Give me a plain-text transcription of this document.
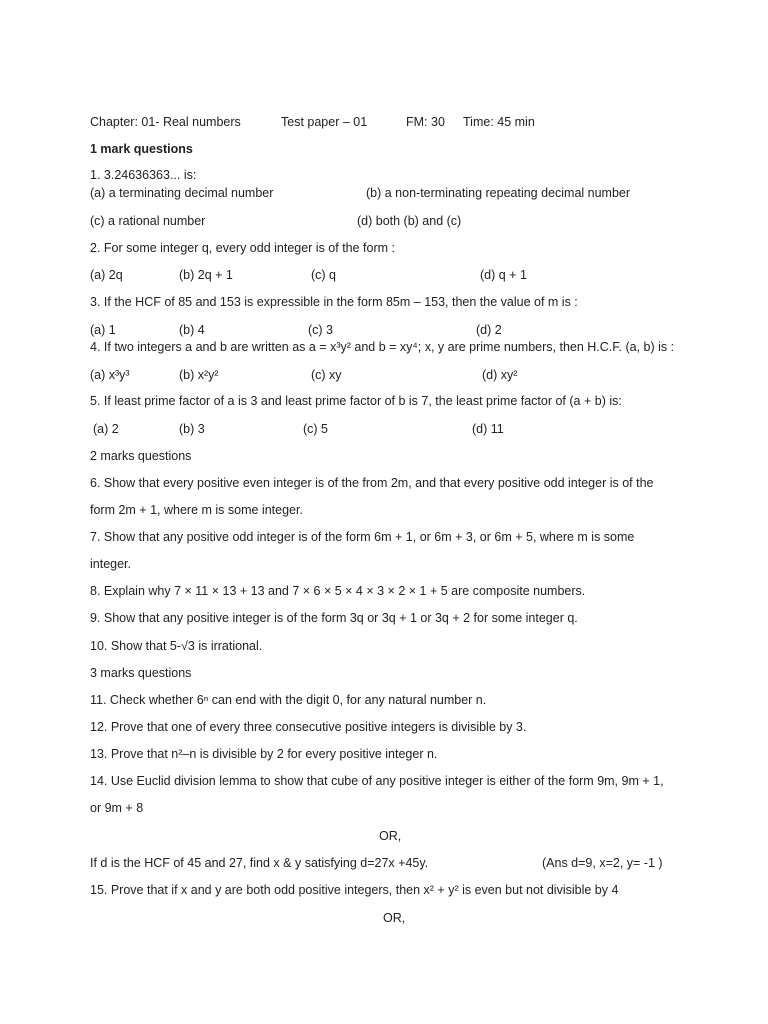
Chapter: 01- Real numbers	Test paper – 01	FM: 30 Time: 45 min
1 mark questions
1. 3.24636363... is:
(a) a terminating decimal number	(b) a non-terminating repeating decimal number
(c) a rational number	(d) both (b) and (c)
2. For some integer q, every odd integer is of the form :
(a) 2q	(b) 2q + 1	(c) q	(d) q + 1
3. If the HCF of 85 and 153 is expressible in the form 85m – 153, then the value of m is :
(a) 1	(b) 4	(c) 3	(d) 2
4. If two integers a and b are written as a = x³y² and b = xy⁴; x, y are prime numbers, then H.C.F. (a, b) is :
(a) x³y³	(b) x²y²	(c) xy	(d) xy²
5. If least prime factor of a is 3 and least prime factor of b is 7, the least prime factor of (a + b) is:
(a) 2	(b) 3	(c) 5	(d) 11
2 marks questions
6. Show that every positive even integer is of the from 2m, and that every positive odd integer is of the
form 2m + 1, where m is some integer.
7. Show that any positive odd integer is of the form 6m + 1, or 6m + 3, or 6m + 5, where m is some
integer.
8. Explain why 7 × 11 × 13 + 13 and 7 × 6 × 5 × 4 × 3 × 2 × 1 + 5 are composite numbers.
9. Show that any positive integer is of the form 3q or 3q + 1 or 3q + 2 for some integer q.
10. Show that 5-√3 is irrational.
3 marks questions
11. Check whether 6ⁿ can end with the digit 0, for any natural number n.
12. Prove that one of every three consecutive positive integers is divisible by 3.
13. Prove that n²–n is divisible by 2 for every positive integer n.
14. Use Euclid division lemma to show that cube of any positive integer is either of the form 9m, 9m + 1,
or 9m + 8
OR,
If d is the HCF of 45 and 27, find x & y satisfying d=27x +45y.	(Ans d=9, x=2, y= -1 )
15. Prove that if x and y are both odd positive integers, then x² + y² is even but not divisible by 4
OR,
